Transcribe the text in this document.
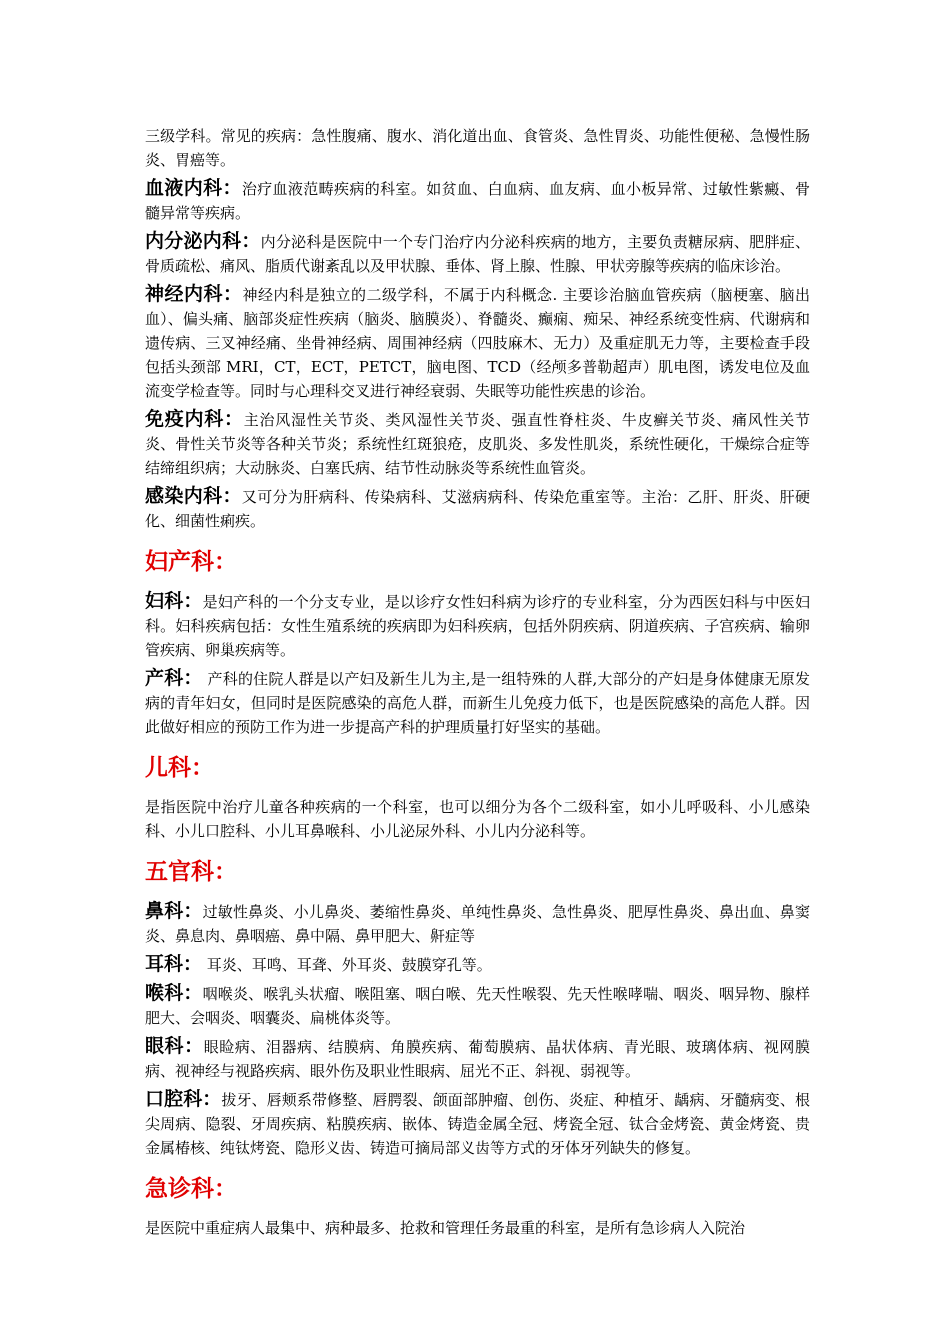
三级学科。常见的疾病：急性腹痛、腹水、消化道出血、食管炎、急性胃炎、功能性便秘、急慢性肠炎、胃癌等。

血液内科：治疗血液范畴疾病的科室。如贫血、白血病、血友病、血小板异常、过敏性紫癜、骨髓异常等疾病。

内分泌内科：内分泌科是医院中一个专门治疗内分泌科疾病的地方，主要负责糖尿病、肥胖症、骨质疏松、痛风、脂质代谢紊乱以及甲状腺、垂体、肾上腺、性腺、甲状旁腺等疾病的临床诊治。

神经内科：神经内科是独立的二级学科，不属于内科概念. 主要诊治脑血管疾病（脑梗塞、脑出血）、偏头痛、脑部炎症性疾病（脑炎、脑膜炎）、脊髓炎、癫痫、痴呆、神经系统变性病、代谢病和遗传病、三叉神经痛、坐骨神经病、周围神经病（四肢麻木、无力）及重症肌无力等，主要检查手段包括头颈部 MRI，CT，ECT，PETCT，脑电图、TCD（经颅多普勒超声）肌电图，诱发电位及血流变学检查等。同时与心理科交叉进行神经衰弱、失眠等功能性疾患的诊治。

免疫内科：主治风湿性关节炎、类风湿性关节炎、强直性脊柱炎、牛皮癣关节炎、痛风性关节炎、骨性关节炎等各种关节炎；系统性红斑狼疮，皮肌炎、多发性肌炎，系统性硬化，干燥综合症等结缔组织病；大动脉炎、白塞氏病、结节性动脉炎等系统性血管炎。

感染内科：又可分为肝病科、传染病科、艾滋病病科、传染危重室等。主治：乙肝、肝炎、肝硬化、细菌性痢疾。

妇产科：

妇科：是妇产科的一个分支专业，是以诊疗女性妇科病为诊疗的专业科室，分为西医妇科与中医妇科。妇科疾病包括：女性生殖系统的疾病即为妇科疾病，包括外阴疾病、阴道疾病、子宫疾病、输卵管疾病、卵巢疾病等。

产科： 产科的住院人群是以产妇及新生儿为主,是一组特殊的人群,大部分的产妇是身体健康无原发病的青年妇女，但同时是医院感染的高危人群，而新生儿免疫力低下，也是医院感染的高危人群。因此做好相应的预防工作为进一步提高产科的护理质量打好坚实的基础。

儿科：

是指医院中治疗儿童各种疾病的一个科室，也可以细分为各个二级科室，如小儿呼吸科、小儿感染科、小儿口腔科、小儿耳鼻喉科、小儿泌尿外科、小儿内分泌科等。

五官科：

鼻科：过敏性鼻炎、小儿鼻炎、萎缩性鼻炎、单纯性鼻炎、急性鼻炎、肥厚性鼻炎、鼻出血、鼻窦炎、鼻息肉、鼻咽癌、鼻中隔、鼻甲肥大、鼾症等

耳科： 耳炎、耳鸣、耳聋、外耳炎、鼓膜穿孔等。

喉科：咽喉炎、喉乳头状瘤、喉阻塞、咽白喉、先天性喉裂、先天性喉哮喘、咽炎、咽异物、腺样肥大、会咽炎、咽囊炎、扁桃体炎等。

眼科：眼睑病、泪器病、结膜病、角膜疾病、葡萄膜病、晶状体病、青光眼、玻璃体病、视网膜病、视神经与视路疾病、眼外伤及职业性眼病、屈光不正、斜视、弱视等。

口腔科：拔牙、唇颊系带修整、唇腭裂、颌面部肿瘤、创伤、炎症、种植牙、龋病、牙髓病变、根尖周病、隐裂、牙周疾病、粘膜疾病、嵌体、铸造金属全冠、烤瓷全冠、钛合金烤瓷、黄金烤瓷、贵金属椿核、纯钛烤瓷、隐形义齿、铸造可摘局部义齿等方式的牙体牙列缺失的修复。

急诊科：

是医院中重症病人最集中、病种最多、抢救和管理任务最重的科室，是所有急诊病人入院治
